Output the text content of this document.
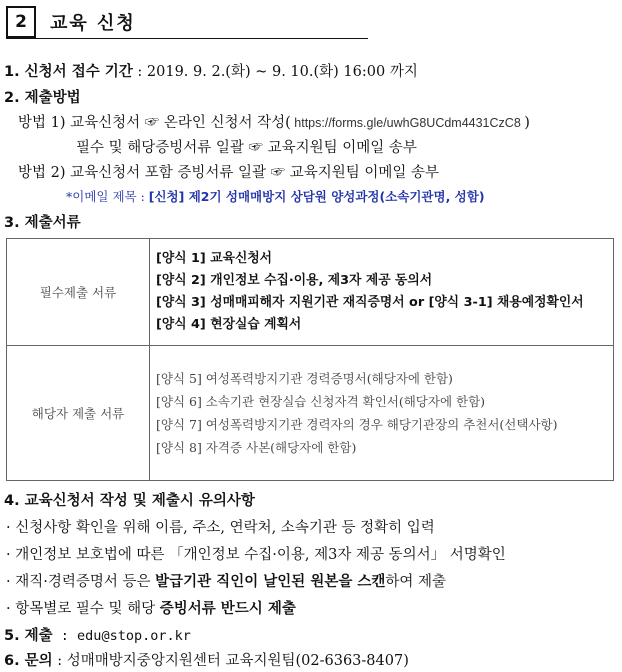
2	교육 신청
1. 신청서 접수 기간 : 2019. 9. 2.(화) ~ 9. 10.(화) 16:00 까지
2. 제출방법
방법 1) 교육신청서 ☞ 온라인 신청서 작성( https://forms.gle/uwhG8UCdm4431CzC8 )
필수 및 해당증빙서류 일괄 ☞ 교육지원팀 이메일 송부
방법 2) 교육신청서 포함 증빙서류 일괄 ☞ 교육지원팀 이메일 송부
*이메일 제목 : [신청] 제2기 성매매방지 상담원 양성과정(소속기관명, 성함)
3. 제출서류
필수제출 서류	[양식 1] 교육신청서
[양식 2] 개인정보 수집·이용, 제3자 제공 동의서
[양식 3] 성매매피해자 지원기관 재직증명서 or [양식 3-1] 채용예정확인서
[양식 4] 현장실습 계획서

해당자 제출 서류	[양식 5] 여성폭력방지기관 경력증명서(해당자에 한함)
[양식 6] 소속기관 현장실습 신청자격 확인서(해당자에 한함)
[양식 7] 여성폭력방지기관 경력자의 경우 해당기관장의 추천서(선택사항)
[양식 8] 자격증 사본(해당자에 한함)
4. 교육신청서 작성 및 제출시 유의사항
· 신청사항 확인을 위해 이름, 주소, 연락처, 소속기관 등 정확히 입력
· 개인정보 보호법에 따른 「개인정보 수집·이용, 제3자 제공 동의서」 서명확인
· 재직·경력증명서 등은 발급기관 직인이 날인된 원본을 스캔하여 제출
· 항목별로 필수 및 해당 증빙서류 반드시 제출
5. 제출 : edu@stop.or.kr
6. 문의 : 성매매방지중앙지원센터 교육지원팀(02-6363-8407)
